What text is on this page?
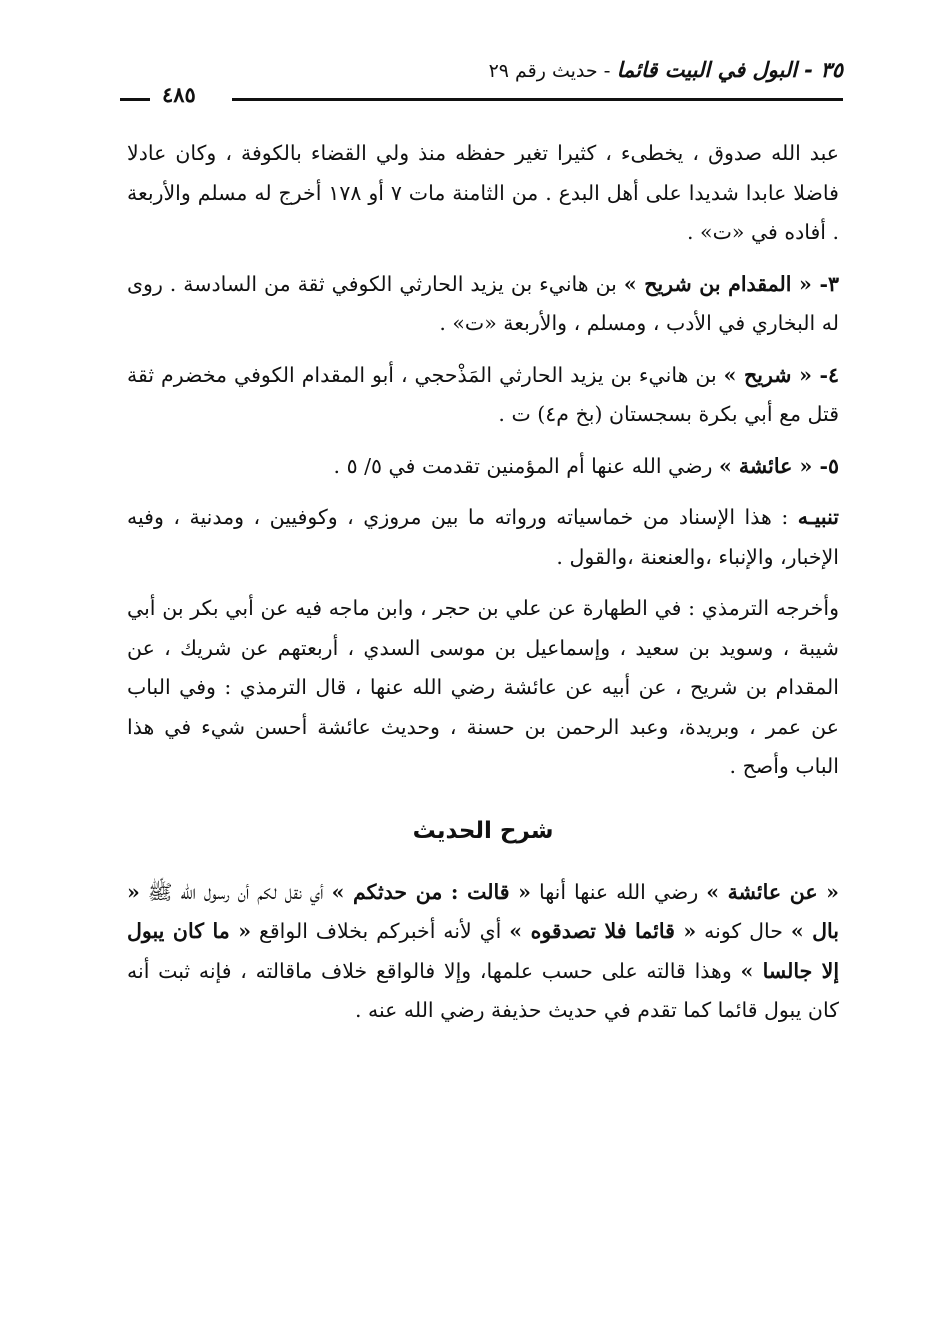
٣٥ - البول في البيت قائما - حديث رقم ٢٩
٤٨٥

عبد الله صدوق ، يخطىء ، كثيرا تغير حفظه منذ ولي القضاء بالكوفة ، وكان عادلا فاضلا عابدا شديدا على أهل البدع . من الثامنة مات ٧ أو ١٧٨ أخرج له مسلم والأربعة . أفاده في «ت» .

٣- « المقدام بن شريح » بن هانيء بن يزيد الحارثي الكوفي ثقة من السادسة . روى له البخاري في الأدب ، ومسلم ، والأربعة «ت» .

٤- « شريح » بن هانيء بن يزيد الحارثي المَذْحجي ، أبو المقدام الكوفي مخضرم ثقة قتل مع أبي بكرة بسجستان (بخ م٤) ت .

٥- « عائشة » رضي الله عنها أم المؤمنين تقدمت في ٥/ ٥ .

تنبيـه : هذا الإسناد من خماسياته ورواته ما بين مروزي ، وكوفيين ، ومدنية ، وفيه الإخبار، والإنباء ،والعنعنة ،والقول .

وأخرجه الترمذي : في الطهارة عن علي بن حجر ، وابن ماجه فيه عن أبي بكر بن أبي شيبة ، وسويد بن سعيد ، وإسماعيل بن موسى السدي ، أربعتهم عن شريك ، عن المقدام بن شريح ، عن أبيه عن عائشة رضي الله عنها ، قال الترمذي : وفي الباب عن عمر ، وبريدة، وعبد الرحمن بن حسنة ، وحديث عائشة أحسن شيء في هذا الباب وأصح .

شرح الحديث

« عن عائشة » رضي الله عنها أنها « قالت : من حدثكم » أي نقل لكم أن رسول الله ﷺ « بال » حال كونه « قائما فلا تصدقوه » أي لأنه أخبركم بخلاف الواقع « ما كان يبول إلا جالسا » وهذا قالته على حسب علمها، وإلا فالواقع خلاف ماقالته ، فإنه ثبت أنه كان يبول قائما كما تقدم في حديث حذيفة رضي الله عنه .
